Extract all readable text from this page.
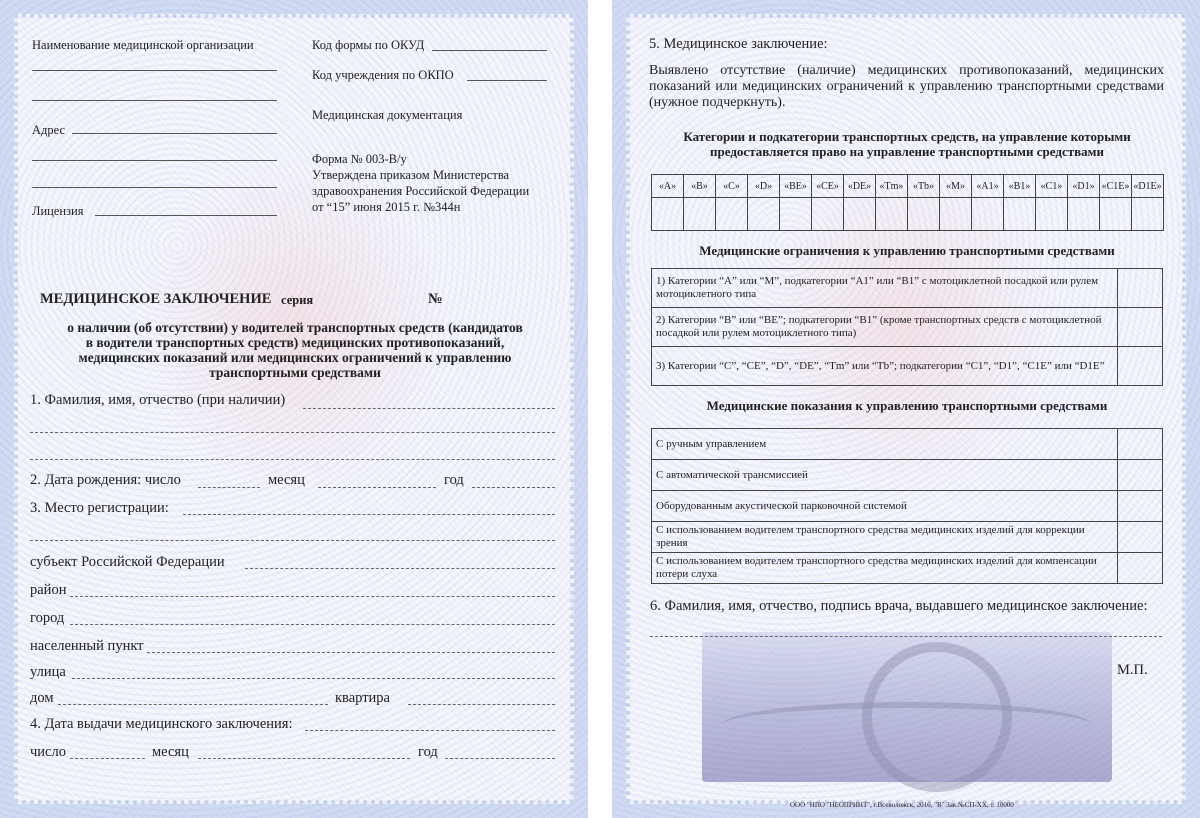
Наименование медицинской организации	Код формы по ОКУД
Код учреждения по ОКПО
Медицинская документация
Адрес
Форма № 003-В/у
Утверждена приказом Министерства
здравоохранения Российской Федерации
от “15” июня 2015 г. №344н
Лицензия
МЕДИЦИНСКОЕ ЗАКЛЮЧЕНИЕ серия	№
о наличии (об отсутствии) у водителей транспортных средств (кандидатов
в водители транспортных средств) медицинских противопоказаний,
медицинских показаний или медицинских ограничений к управлению
транспортными средствами
1. Фамилия, имя, отчество (при наличии)
2. Дата рождения: число	месяц	год
3. Место регистрации:
субъект Российской Федерации
район
город
населенный пункт
улица
дом	квартира
4. Дата выдачи медицинского заключения:
число	месяц	год
5. Медицинское заключение:
Выявлено отсутствие (наличие) медицинских противопоказаний, медицинских показаний или медицинских ограничений к управлению транспортными средствами (нужное подчеркнуть).
Категории и подкатегории транспортных средств, на управление которыми
предоставляется право на управление транспортными средствами
«A»	«B»	«C»	«D»	«BE»	«CE»	«DE»	«Tm»	«Tb»	«M»	«A1»	«B1»	«C1»	«D1»	«C1E»	«D1E»

Медицинские ограничения к управлению транспортными средствами
1) Категории “A” или “M”, подкатегории “A1” или “B1” с мотоциклетной посадкой или рулем мотоциклетного типа	
2) Категории “B” или “BE”; подкатегории “B1” (кроме транспортных средств с мотоциклетной посадкой или рулем мотоциклетного типа)	
3) Категории “C”, “CE”, “D”, “DE”, “Tm” или “Tb”; подкатегории “C1”, “D1”, “C1E” или “D1E”	
Медицинские показания к управлению транспортными средствами
С ручным управлением	
С автоматической трансмиссией	
Оборудованным акустической парковочной системой	
С использованием водителем транспортного средства медицинских изделий для коррекции зрения	
С использованием водителем транспортного средства медицинских изделий для компенсации потери слуха	
6. Фамилия, имя, отчество, подпись врача, выдавшего медицинское заключение:
М.П.
ООО "НПО "НЕОПРИНТ", г.Всеволожск, 2016, "В" Зак.№СП-ХХ, т. 10000
